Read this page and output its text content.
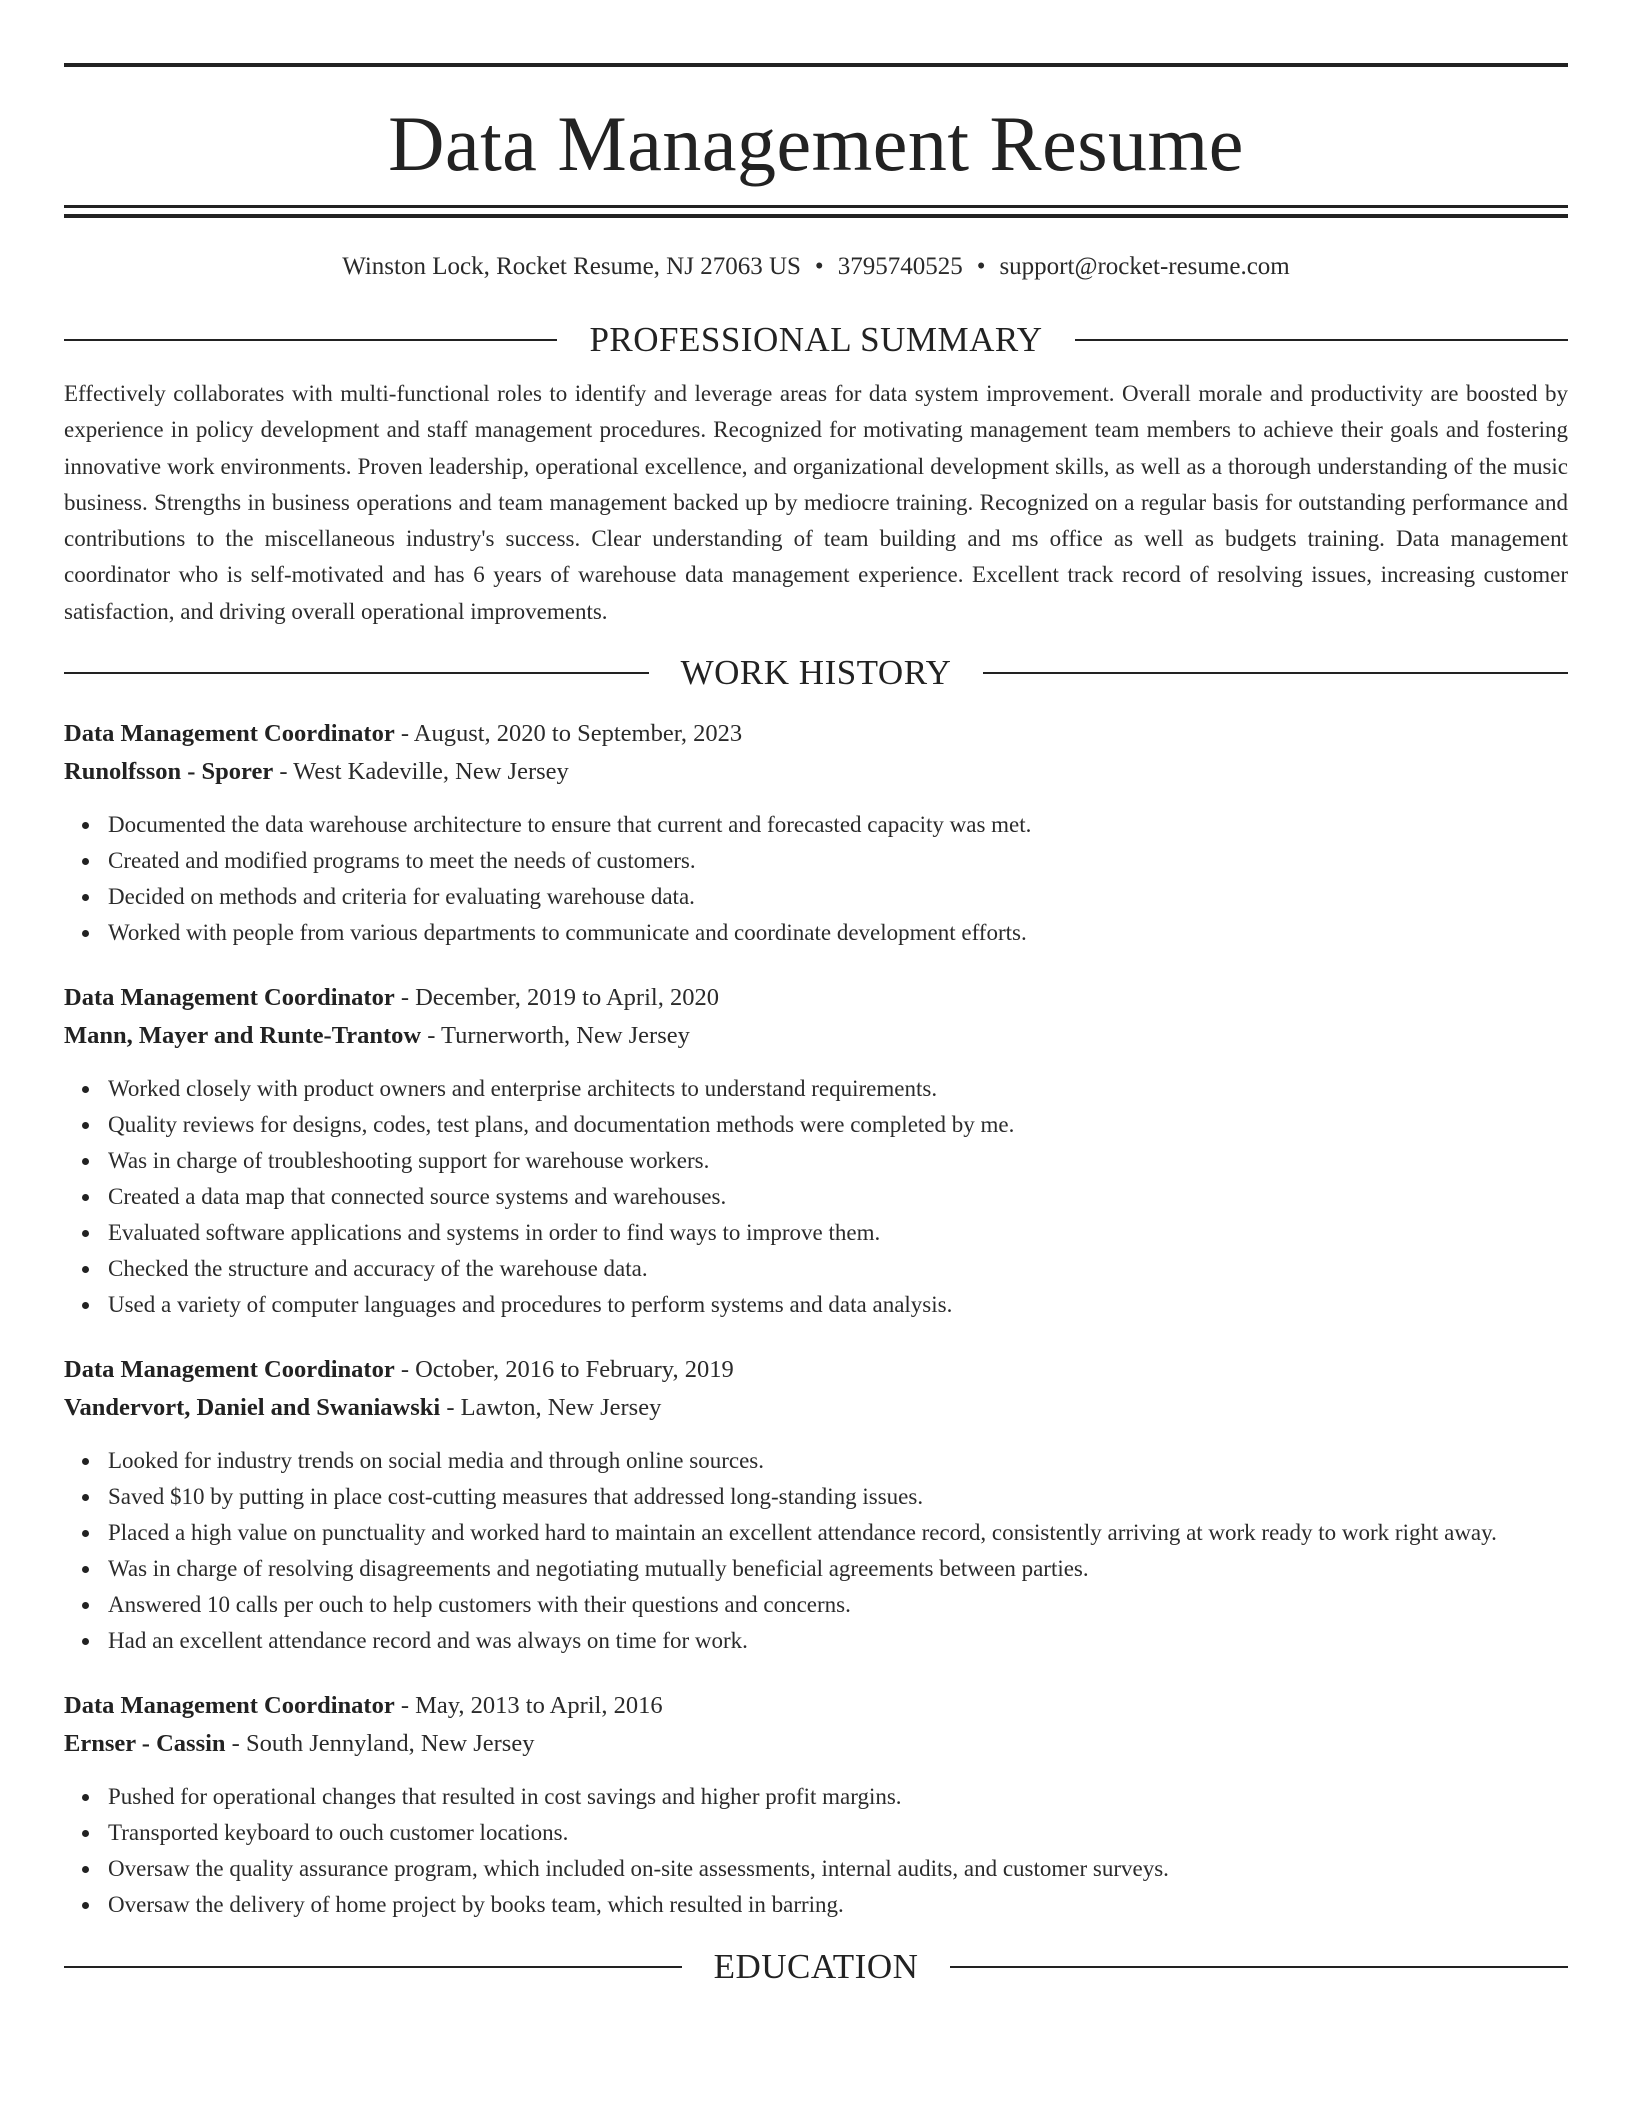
Data Management Resume
Winston Lock, Rocket Resume, NJ 27063 US • 3795740525 • support@rocket-resume.com
PROFESSIONAL SUMMARY

Effectively collaborates with multi-functional roles to identify and leverage areas for data system improvement. Overall morale and productivity are boosted by experience in policy development and staff management procedures. Recognized for motivating management team members to achieve their goals and fostering innovative work environments. Proven leadership, operational excellence, and organizational development skills, as well as a thorough understanding of the music business. Strengths in business operations and team management backed up by mediocre training. Recognized on a regular basis for outstanding performance and contributions to the miscellaneous industry's success. Clear understanding of team building and ms office as well as budgets training. Data management coordinator who is self-motivated and has 6 years of warehouse data management experience. Excellent track record of resolving issues, increasing customer satisfaction, and driving overall operational improvements.

WORK HISTORY
Data Management Coordinator - August, 2020 to September, 2023
Runolfsson - Sporer - West Kadeville, New Jersey
Documented the data warehouse architecture to ensure that current and forecasted capacity was met.
Created and modified programs to meet the needs of customers.
Decided on methods and criteria for evaluating warehouse data.
Worked with people from various departments to communicate and coordinate development efforts.
Data Management Coordinator - December, 2019 to April, 2020
Mann, Mayer and Runte-Trantow - Turnerworth, New Jersey
Worked closely with product owners and enterprise architects to understand requirements.
Quality reviews for designs, codes, test plans, and documentation methods were completed by me.
Was in charge of troubleshooting support for warehouse workers.
Created a data map that connected source systems and warehouses.
Evaluated software applications and systems in order to find ways to improve them.
Checked the structure and accuracy of the warehouse data.
Used a variety of computer languages and procedures to perform systems and data analysis.
Data Management Coordinator - October, 2016 to February, 2019
Vandervort, Daniel and Swaniawski - Lawton, New Jersey
Looked for industry trends on social media and through online sources.
Saved $10 by putting in place cost-cutting measures that addressed long-standing issues.
Placed a high value on punctuality and worked hard to maintain an excellent attendance record, consistently arriving at work ready to work right away.
Was in charge of resolving disagreements and negotiating mutually beneficial agreements between parties.
Answered 10 calls per ouch to help customers with their questions and concerns.
Had an excellent attendance record and was always on time for work.
Data Management Coordinator - May, 2013 to April, 2016
Ernser - Cassin - South Jennyland, New Jersey
Pushed for operational changes that resulted in cost savings and higher profit margins.
Transported keyboard to ouch customer locations.
Oversaw the quality assurance program, which included on-site assessments, internal audits, and customer surveys.
Oversaw the delivery of home project by books team, which resulted in barring.
EDUCATION
